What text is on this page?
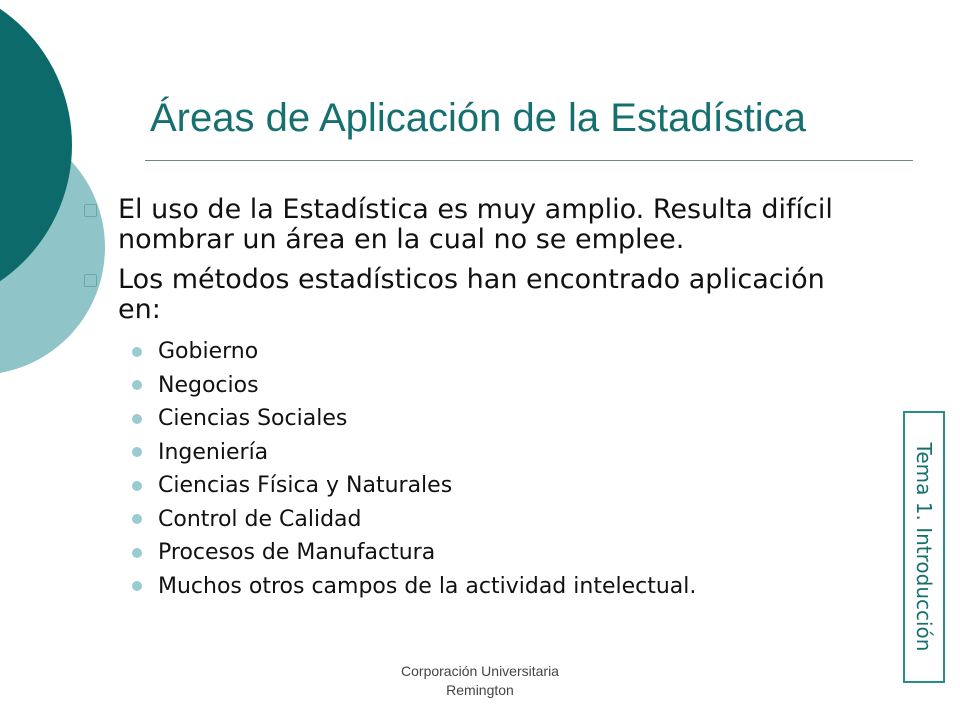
Áreas de Aplicación de la Estadística
El uso de la Estadística es muy amplio. Resulta difícil nombrar un área en la cual no se emplee.
Los métodos estadísticos han encontrado aplicación en:
Gobierno
Negocios
Ciencias Sociales
Ingeniería
Ciencias Física y Naturales
Control de Calidad
Procesos de Manufactura
Muchos otros campos de la actividad intelectual.	Tema 1. Introducción
Corporación Universitaria
Remington
